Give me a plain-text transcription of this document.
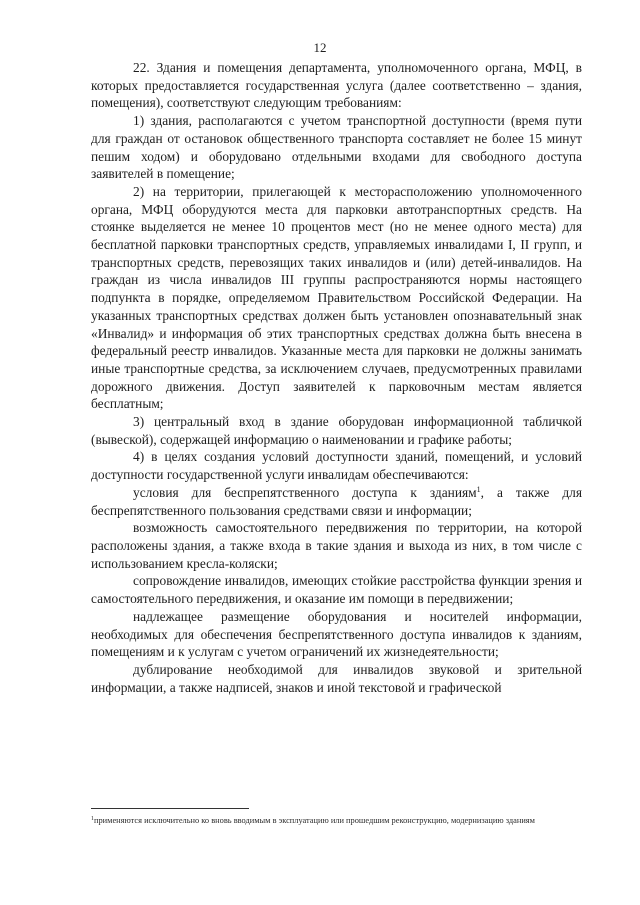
12

22. Здания и помещения департамента, уполномоченного органа, МФЦ, в которых предоставляется государственная услуга (далее соответственно – здания, помещения), соответствуют следующим требованиям:

1) здания, располагаются с учетом транспортной доступности (время пути для граждан от остановок общественного транспорта составляет не более 15 минут пешим ходом) и оборудовано отдельными входами для свободного доступа заявителей в помещение;

2) на территории, прилегающей к месторасположению уполномоченного органа, МФЦ оборудуются места для парковки автотранспортных средств. На стоянке выделяется не менее 10 процентов мест (но не менее одного места) для бесплатной парковки транспортных средств, управляемых инвалидами I, II групп, и транспортных средств, перевозящих таких инвалидов и (или) детей-инвалидов. На граждан из числа инвалидов III группы распространяются нормы настоящего подпункта в порядке, определяемом Правительством Российской Федерации. На указанных транспортных средствах должен быть установлен опознавательный знак «Инвалид» и информация об этих транспортных средствах должна быть внесена в федеральный реестр инвалидов. Указанные места для парковки не должны занимать иные транспортные средства, за исключением случаев, предусмотренных правилами дорожного движения. Доступ заявителей к парковочным местам является бесплатным;

3) центральный вход в здание оборудован информационной табличкой (вывеской), содержащей информацию о наименовании и графике работы;

4) в целях создания условий доступности зданий, помещений, и условий доступности государственной услуги инвалидам обеспечиваются:

условия для беспрепятственного доступа к зданиям$^1$, а также для беспрепятственного пользования средствами связи и информации;

возможность самостоятельного передвижения по территории, на которой расположены здания, а также входа в такие здания и выхода из них, в том числе с использованием кресла-коляски;

сопровождение инвалидов, имеющих стойкие расстройства функции зрения и самостоятельного передвижения, и оказание им помощи в передвижении;

надлежащее размещение оборудования и носителей информации, необходимых для обеспечения беспрепятственного доступа инвалидов к зданиям, помещениям и к услугам с учетом ограничений их жизнедеятельности;

дублирование необходимой для инвалидов звуковой и зрительной информации, а также надписей, знаков и иной текстовой и графической

$^1$применяются исключительно ко вновь вводимым в эксплуатацию или прошедшим реконструкцию, модернизацию зданиям
